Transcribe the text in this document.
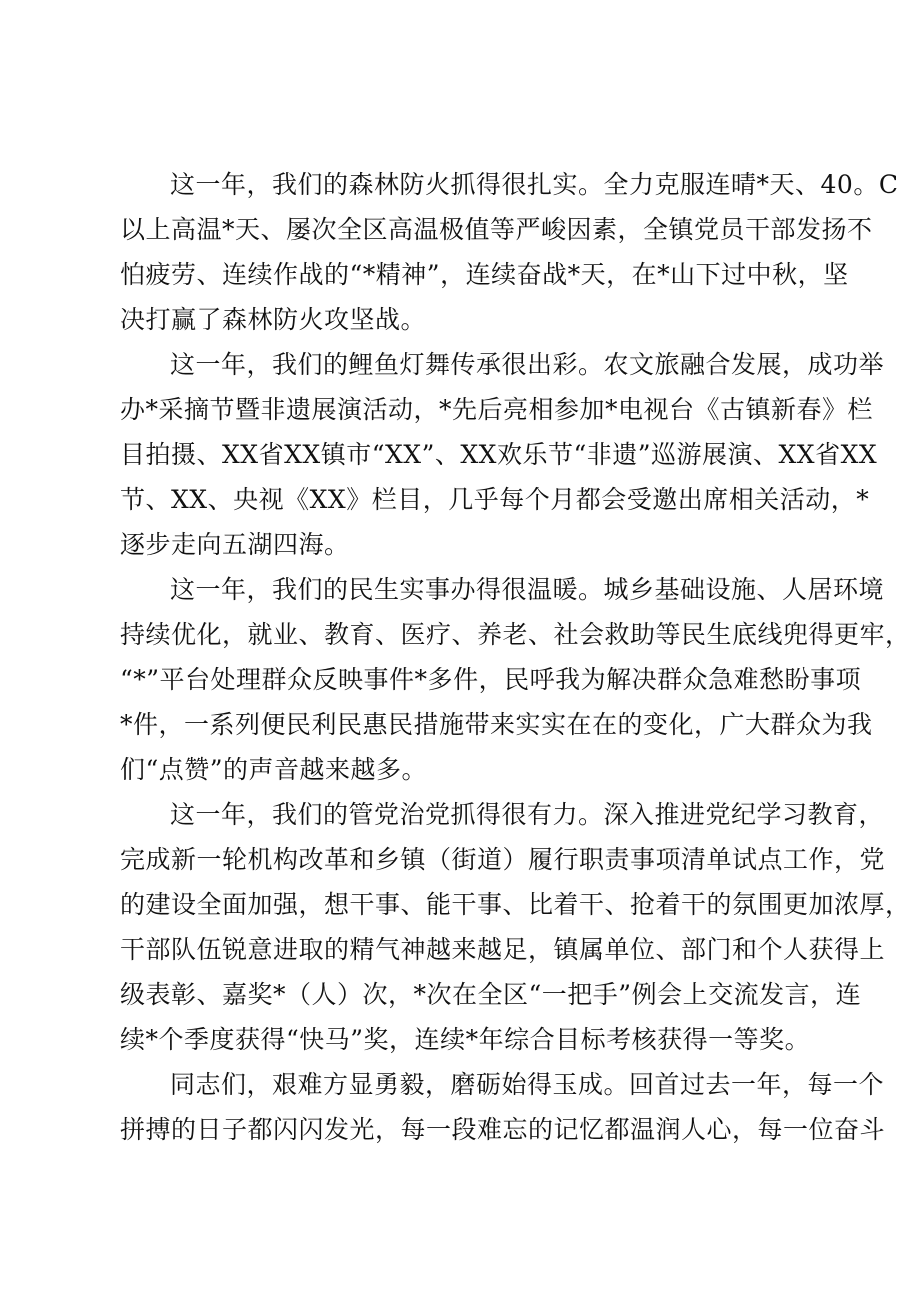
这一年，我们的森林防火抓得很扎实。全力克服连晴*天、40。C
以上高温*天、屡次全区高温极值等严峻因素，全镇党员干部发扬不
怕疲劳、连续作战的“*精神”，连续奋战*天，在*山下过中秋，坚
决打赢了森林防火攻坚战。
这一年，我们的鲤鱼灯舞传承很出彩。农文旅融合发展，成功举
办*采摘节暨非遗展演活动，*先后亮相参加*电视台《古镇新春》栏
目拍摄、XX省XX镇市“XX”、XX欢乐节“非遗”巡游展演、XX省XX
节、XX、央视《XX》栏目，几乎每个月都会受邀出席相关活动，*
逐步走向五湖四海。
这一年，我们的民生实事办得很温暖。城乡基础设施、人居环境
持续优化，就业、教育、医疗、养老、社会救助等民生底线兜得更牢，
“*”平台处理群众反映事件*多件，民呼我为解决群众急难愁盼事项
*件，一系列便民利民惠民措施带来实实在在的变化，广大群众为我
们“点赞”的声音越来越多。
这一年，我们的管党治党抓得很有力。深入推进党纪学习教育，
完成新一轮机构改革和乡镇（街道）履行职责事项清单试点工作，党
的建设全面加强，想干事、能干事、比着干、抢着干的氛围更加浓厚，
干部队伍锐意进取的精气神越来越足，镇属单位、部门和个人获得上
级表彰、嘉奖*（人）次，*次在全区“一把手”例会上交流发言，连
续*个季度获得“快马”奖，连续*年综合目标考核获得一等奖。
同志们，艰难方显勇毅，磨砺始得玉成。回首过去一年，每一个
拼搏的日子都闪闪发光，每一段难忘的记忆都温润人心，每一位奋斗
